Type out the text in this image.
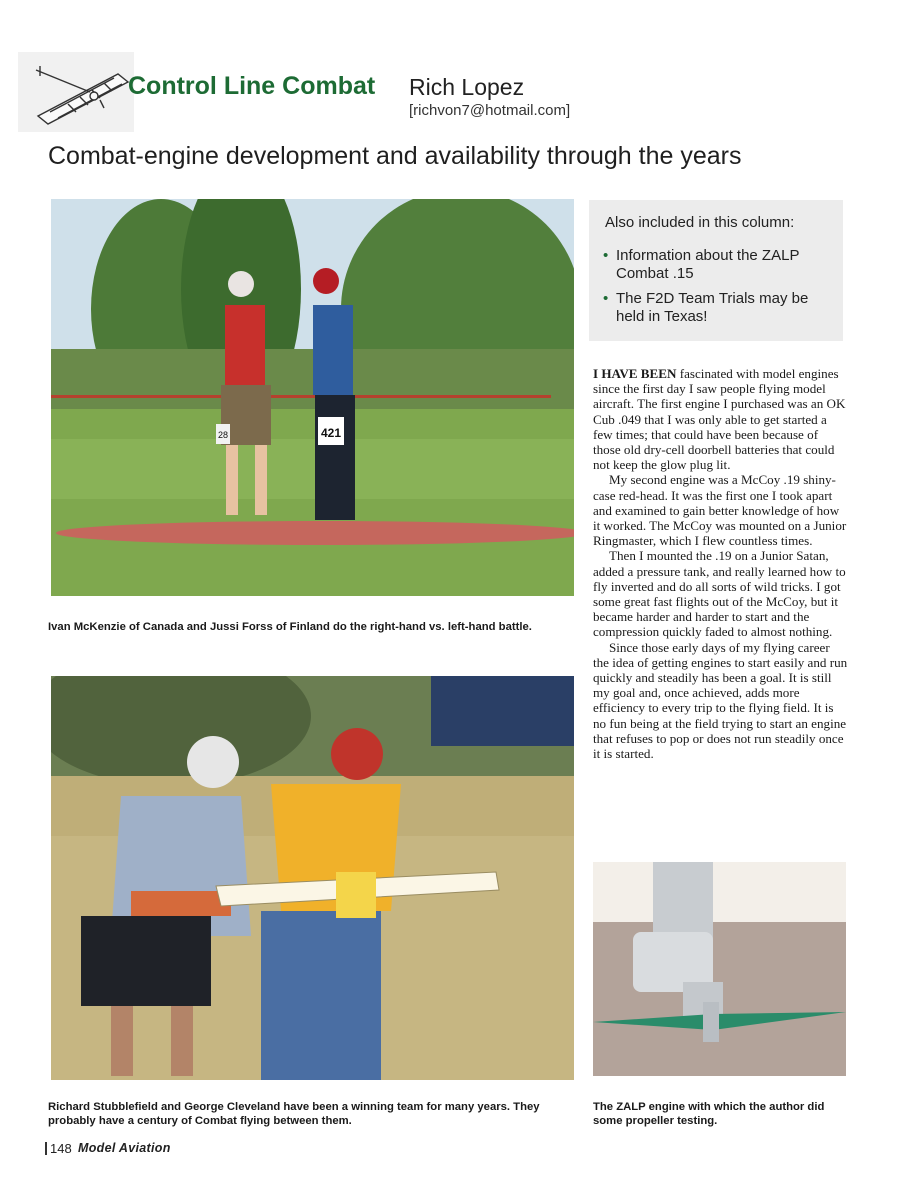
Control Line Combat Rich Lopez
[richvon7@hotmail.com]
Combat-engine development and availability through the years
421
28
Ivan McKenzie of Canada and Jussi Forss of Finland do the right-hand vs. left-hand battle.
Richard Stubblefield and George Cleveland have been a winning team for many years. They probably have a century of Combat flying between them.
Also included in this column:
• Information about the ZALP Combat .15
• The F2D Team Trials may be held in Texas!

I HAVE BEEN fascinated with model engines since the first day I saw people flying model aircraft. The first engine I purchased was an OK Cub .049 that I was only able to get started a few times; that could have been because of those old dry-cell doorbell batteries that could not keep the glow plug lit.

My second engine was a McCoy .19 shiny-case red-head. It was the first one I took apart and examined to gain better knowledge of how it worked. The McCoy was mounted on a Junior Ringmaster, which I flew countless times.

Then I mounted the .19 on a Junior Satan, added a pressure tank, and really learned how to fly inverted and do all sorts of wild tricks. I got some great fast flights out of the McCoy, but it became harder and harder to start and the compression quickly faded to almost nothing.

Since those early days of my flying career the idea of getting engines to start easily and run quickly and steadily has been a goal. It is still my goal and, once achieved, adds more efficiency to every trip to the flying field. It is no fun being at the field trying to start an engine that refuses to pop or does not run steadily once it is started.

The ZALP engine with which the author did some propeller testing.
148 Model Aviation
